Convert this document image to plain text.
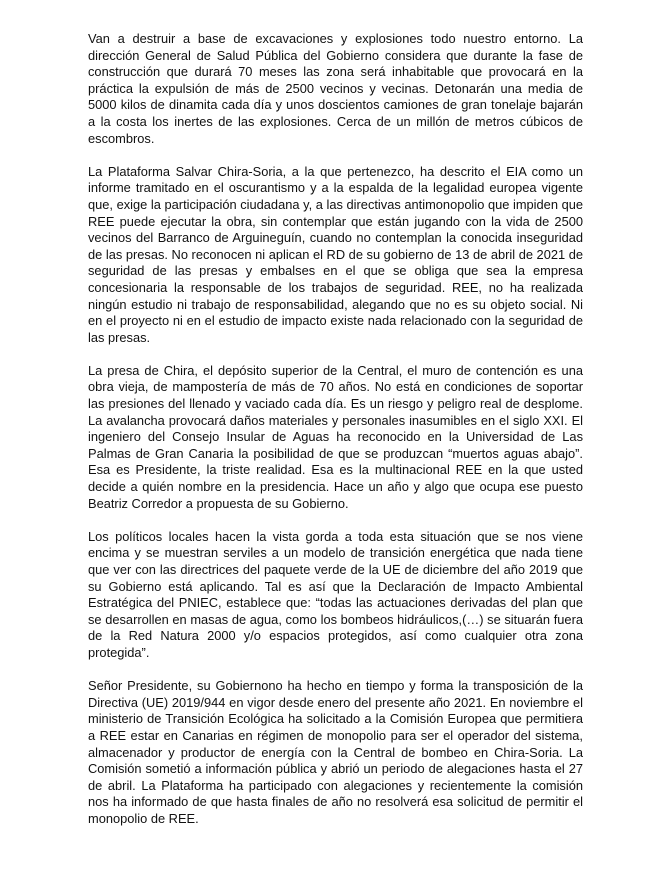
Van a destruir a base de excavaciones y explosiones todo nuestro entorno. La dirección General de Salud Pública del Gobierno considera que durante la fase de construcción que durará 70 meses las zona será inhabitable que provocará en la práctica la expulsión de más de 2500 vecinos y vecinas. Detonarán una media de 5000 kilos de dinamita cada día y unos doscientos camiones de gran tonelaje bajarán a la costa los inertes de las explosiones. Cerca de un millón de metros cúbicos de escombros.

La Plataforma Salvar Chira-Soria, a la que pertenezco, ha descrito el EIA como un informe tramitado en el oscurantismo y a la espalda de la legalidad europea vigente que, exige la participación ciudadana y, a las directivas antimonopolio que impiden que REE puede ejecutar la obra, sin contemplar que están jugando con la vida de 2500 vecinos del Barranco de Arguineguín, cuando no contemplan la conocida inseguridad de las presas. No reconocen ni aplican el RD de su gobierno de 13 de abril de 2021 de seguridad de las presas y embalses en el que se obliga que sea la empresa concesionaria la responsable de los trabajos de seguridad. REE, no ha realizada ningún estudio ni trabajo de responsabilidad, alegando que no es su objeto social. Ni en el proyecto ni en el estudio de impacto existe nada relacionado con la seguridad de las presas.

La presa de Chira, el depósito superior de la Central, el muro de contención es una obra vieja, de mampostería de más de 70 años. No está en condiciones de soportar las presiones del llenado y vaciado cada día. Es un riesgo y peligro real de desplome. La avalancha provocará daños materiales y personales inasumibles en el siglo XXI. El ingeniero del Consejo Insular de Aguas ha reconocido en la Universidad de Las Palmas de Gran Canaria la posibilidad de que se produzcan “muertos aguas abajo”. Esa es Presidente, la triste realidad. Esa es la multinacional REE en la que usted decide a quién nombre en la presidencia. Hace un año y algo que ocupa ese puesto Beatriz Corredor a propuesta de su Gobierno.

Los políticos locales hacen la vista gorda a toda esta situación que se nos viene encima y se muestran serviles a un modelo de transición energética que nada tiene que ver con las directrices del paquete verde de la UE de diciembre del año 2019 que su Gobierno está aplicando. Tal es así que la Declaración de Impacto Ambiental Estratégica del PNIEC, establece que: “todas las actuaciones derivadas del plan que se desarrollen en masas de agua, como los bombeos hidráulicos,(…) se situarán fuera de la Red Natura 2000 y/o espacios protegidos, así como cualquier otra zona protegida”.

Señor Presidente, su Gobiernono ha hecho en tiempo y forma la transposición de la Directiva (UE) 2019/944 en vigor desde enero del presente año 2021. En noviembre el ministerio de Transición Ecológica ha solicitado a la Comisión Europea que permitiera a REE estar en Canarias en régimen de monopolio para ser el operador del sistema, almacenador y productor de energía con la Central de bombeo en Chira-Soria. La Comisión sometió a información pública y abrió un periodo de alegaciones hasta el 27 de abril. La Plataforma ha participado con alegaciones y recientemente la comisión nos ha informado de que hasta finales de año no resolverá esa solicitud de permitir el monopolio de REE.
